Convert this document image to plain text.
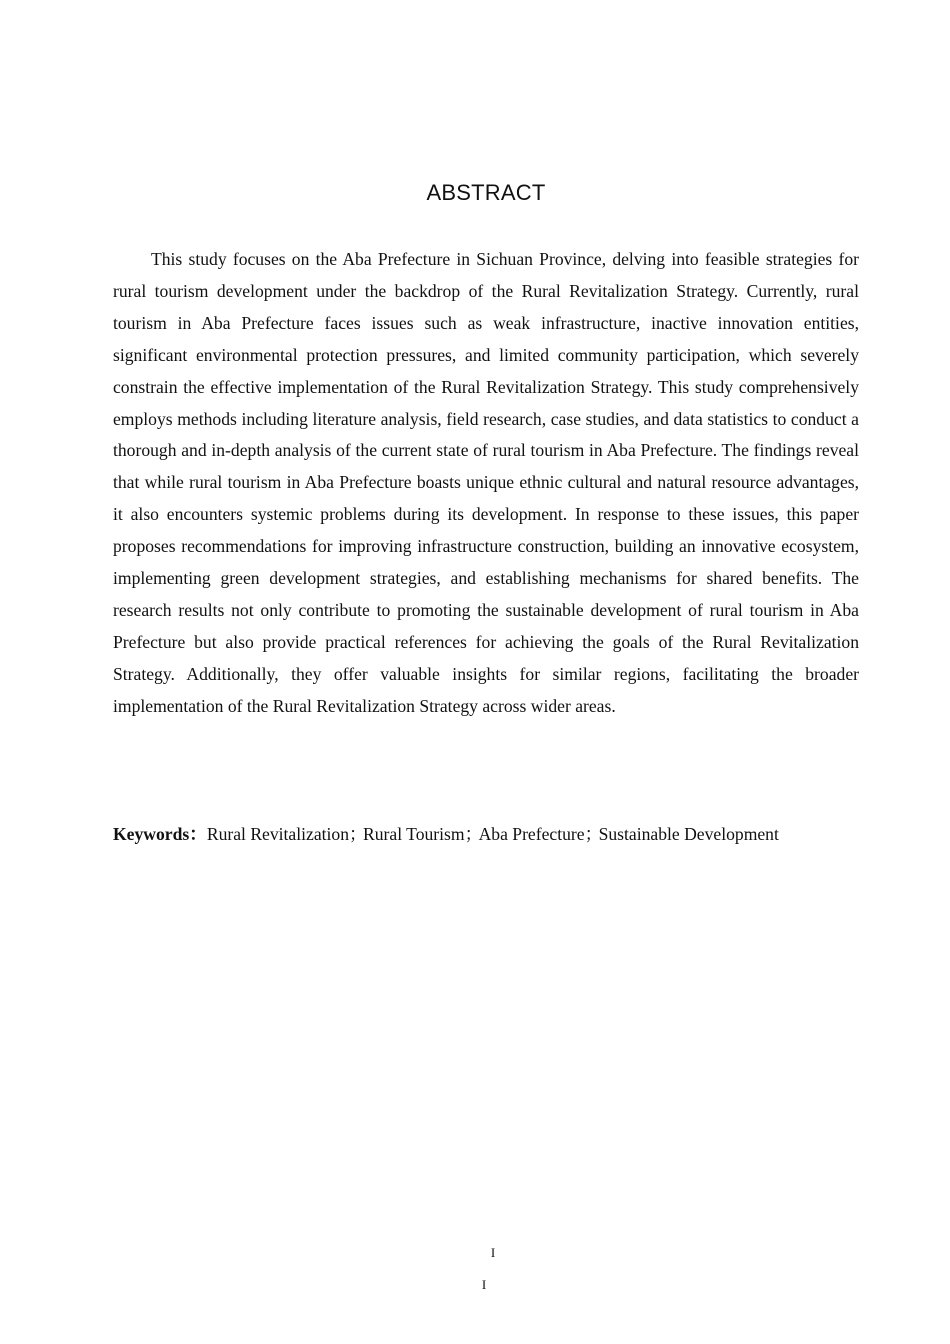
ABSTRACT

This study focuses on the Aba Prefecture in Sichuan Province, delving into feasible strategies for rural tourism development under the backdrop of the Rural Revitalization Strategy. Currently, rural tourism in Aba Prefecture faces issues such as weak infrastructure, inactive innovation entities, significant environmental protection pressures, and limited community participation, which severely constrain the effective implementation of the Rural Revitalization Strategy. This study comprehensively employs methods including literature analysis, field research, case studies, and data statistics to conduct a thorough and in-depth analysis of the current state of rural tourism in Aba Prefecture. The findings reveal that while rural tourism in Aba Prefecture boasts unique ethnic cultural and natural resource advantages, it also encounters systemic problems during its development. In response to these issues, this paper proposes recommendations for improving infrastructure construction, building an innovative ecosystem, implementing green development strategies, and establishing mechanisms for shared benefits. The research results not only contribute to promoting the sustainable development of rural tourism in Aba Prefecture but also provide practical references for achieving the goals of the Rural Revitalization Strategy. Additionally, they offer valuable insights for similar regions, facilitating the broader implementation of the Rural Revitalization Strategy across wider areas.

Keywords：Rural Revitalization；Rural Tourism；Aba Prefecture；Sustainable Development

I
I
